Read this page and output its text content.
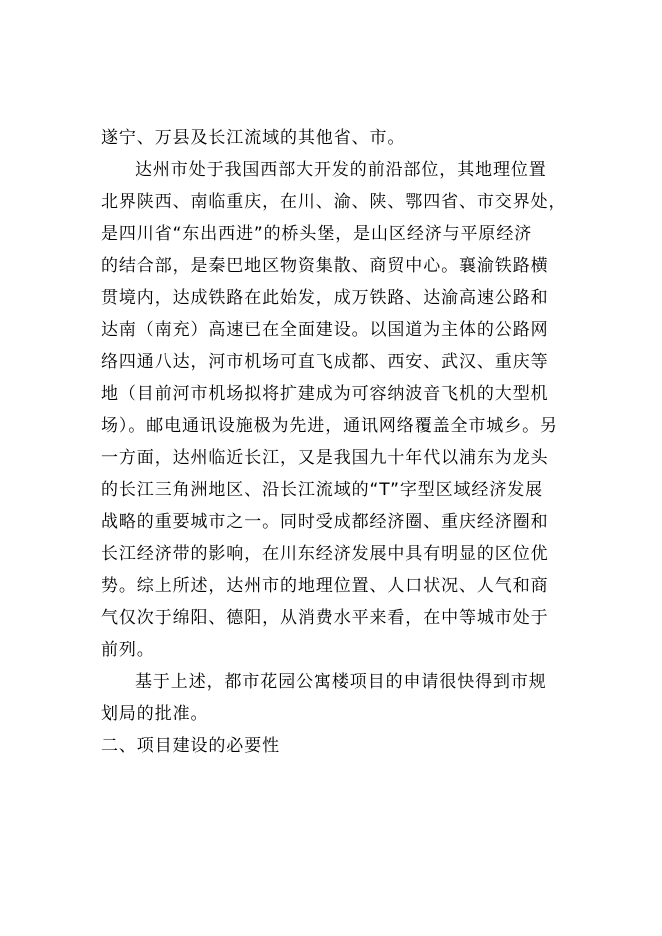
遂宁、万县及长江流域的其他省、市。
达州市处于我国西部大开发的前沿部位，其地理位置
北界陕西、南临重庆，在川、渝、陕、鄂四省、市交界处，
是四川省“东出西进”的桥头堡，是山区经济与平原经济
的结合部，是秦巴地区物资集散、商贸中心。襄渝铁路横
贯境内，达成铁路在此始发，成万铁路、达渝高速公路和
达南（南充）高速已在全面建设。以国道为主体的公路网
络四通八达，河市机场可直飞成都、西安、武汉、重庆等
地（目前河市机场拟将扩建成为可容纳波音飞机的大型机
场）。邮电通讯设施极为先进，通讯网络覆盖全市城乡。另
一方面，达州临近长江，又是我国九十年代以浦东为龙头
的长江三角洲地区、沿长江流域的“T”字型区域经济发展
战略的重要城市之一。同时受成都经济圈、重庆经济圈和
长江经济带的影响，在川东经济发展中具有明显的区位优
势。综上所述，达州市的地理位置、人口状况、人气和商
气仅次于绵阳、德阳，从消费水平来看，在中等城市处于
前列。
基于上述，都市花园公寓楼项目的申请很快得到市规
划局的批准。
二、项目建设的必要性
